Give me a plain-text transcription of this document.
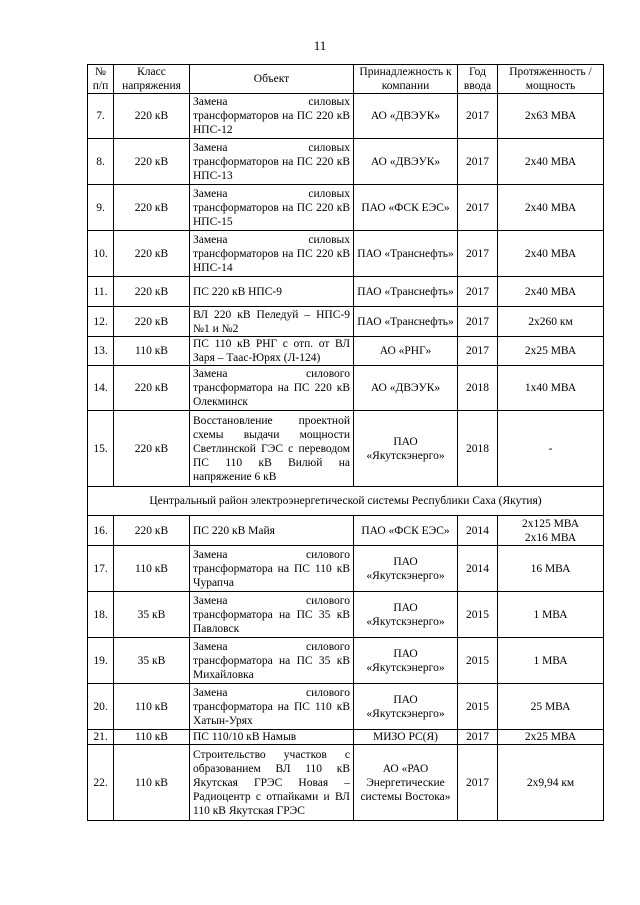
11
№ п/п	Класс напряжения	Объект	Принадлежность к компании	Год ввода	Протяженность / мощность
7.	220 кВ	Замена силовых трансформаторов на ПС 220 кВ НПС-12	АО «ДВЭУК»	2017	2х63 МВА
8.	220 кВ	Замена силовых трансформаторов на ПС 220 кВ НПС-13	АО «ДВЭУК»	2017	2х40 МВА
9.	220 кВ	Замена силовых трансформаторов на ПС 220 кВ НПС-15	ПАО «ФСК ЕЭС»	2017	2х40 МВА
10.	220 кВ	Замена силовых трансформаторов на ПС 220 кВ НПС-14	ПАО «Транснефть»	2017	2х40 МВА
11.	220 кВ	ПС 220 кВ НПС-9	ПАО «Транснефть»	2017	2х40 МВА
12.	220 кВ	ВЛ 220 кВ Пеледуй – НПС-9 №1 и №2	ПАО «Транснефть»	2017	2х260 км
13.	110 кВ	ПС 110 кВ РНГ с отп. от ВЛ Заря – Таас-Юрях (Л-124)	АО «РНГ»	2017	2х25 МВА
14.	220 кВ	Замена силового трансформатора на ПС 220 кВ Олекминск	АО «ДВЭУК»	2018	1х40 МВА
15.	220 кВ	Восстановление проектной схемы выдачи мощности Светлинской ГЭС с переводом ПС 110 кВ Вилюй на напряжение 6 кВ	ПАО «Якутскэнерго»	2018	-
Центральный район электроэнергетической системы Республики Саха (Якутия)					
16.	220 кВ	ПС 220 кВ Майя	ПАО «ФСК ЕЭС»	2014	2х125 МВА
2х16 МВА
17.	110 кВ	Замена силового трансформатора на ПС 110 кВ Чурапча	ПАО «Якутскэнерго»	2014	16 МВА
18.	35 кВ	Замена силового трансформатора на ПС 35 кВ Павловск	ПАО «Якутскэнерго»	2015	1 МВА
19.	35 кВ	Замена силового трансформатора на ПС 35 кВ Михайловка	ПАО «Якутскэнерго»	2015	1 МВА
20.	110 кВ	Замена силового трансформатора на ПС 110 кВ Хатын-Урях	ПАО «Якутскэнерго»	2015	25 МВА
21.	110 кВ	ПС 110/10 кВ Намыв	МИЗО РС(Я)	2017	2х25 МВА
22.	110 кВ	Строительство участков с образованием ВЛ 110 кВ Якутская ГРЭС Новая – Радиоцентр с отпайками и ВЛ 110 кВ Якутская ГРЭС	АО «РАО Энергетические системы Востока»	2017	2х9,94 км
